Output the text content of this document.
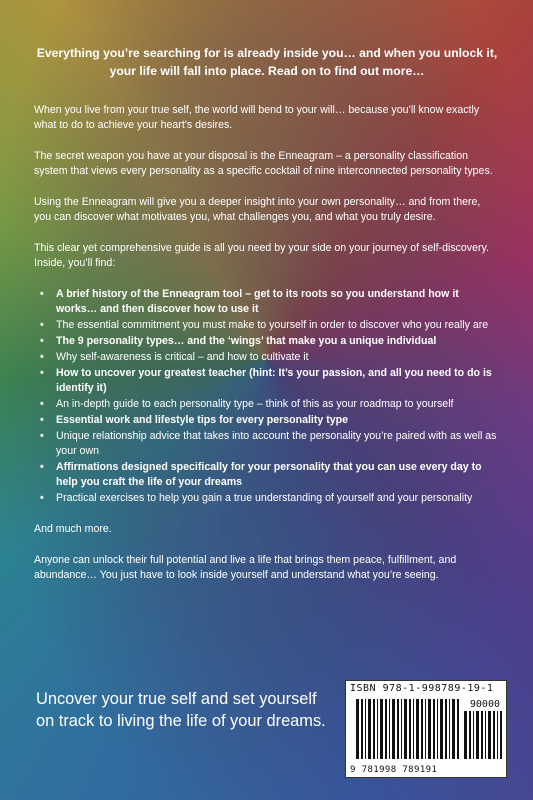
Everything you’re searching for is already inside you… and when you unlock it, your life will fall into place. Read on to find out more…

When you live from your true self, the world will bend to your will… because you’ll know exactly what to do to achieve your heart’s desires.

The secret weapon you have at your disposal is the Enneagram – a personality classification system that views every personality as a specific cocktail of nine interconnected personality types.

Using the Enneagram will give you a deeper insight into your own personality… and from there, you can discover what motivates you, what challenges you, and what you truly desire.

This clear yet comprehensive guide is all you need by your side on your journey of self-discovery. Inside, you’ll find:

• A brief history of the Enneagram tool – get to its roots so you understand how it works… and then discover how to use it
• The essential commitment you must make to yourself in order to discover who you really are
• The 9 personality types… and the ‘wings’ that make you a unique individual
• Why self-awareness is critical – and how to cultivate it
• How to uncover your greatest teacher (hint: It’s your passion, and all you need to do is identify it)
• An in-depth guide to each personality type – think of this as your roadmap to yourself
• Essential work and lifestyle tips for every personality type
• Unique relationship advice that takes into account the personality you’re paired with as well as your own
• Affirmations designed specifically for your personality that you can use every day to help you craft the life of your dreams
• Practical exercises to help you gain a true understanding of yourself and your personality

And much more.

Anyone can unlock their full potential and live a life that brings them peace, fulfillment, and abundance… You just have to look inside yourself and understand what you’re seeing.

Uncover your true self and set yourself on track to living the life of your dreams.
ISBN 978-1-998789-19-1
90000
9 781998 789191
